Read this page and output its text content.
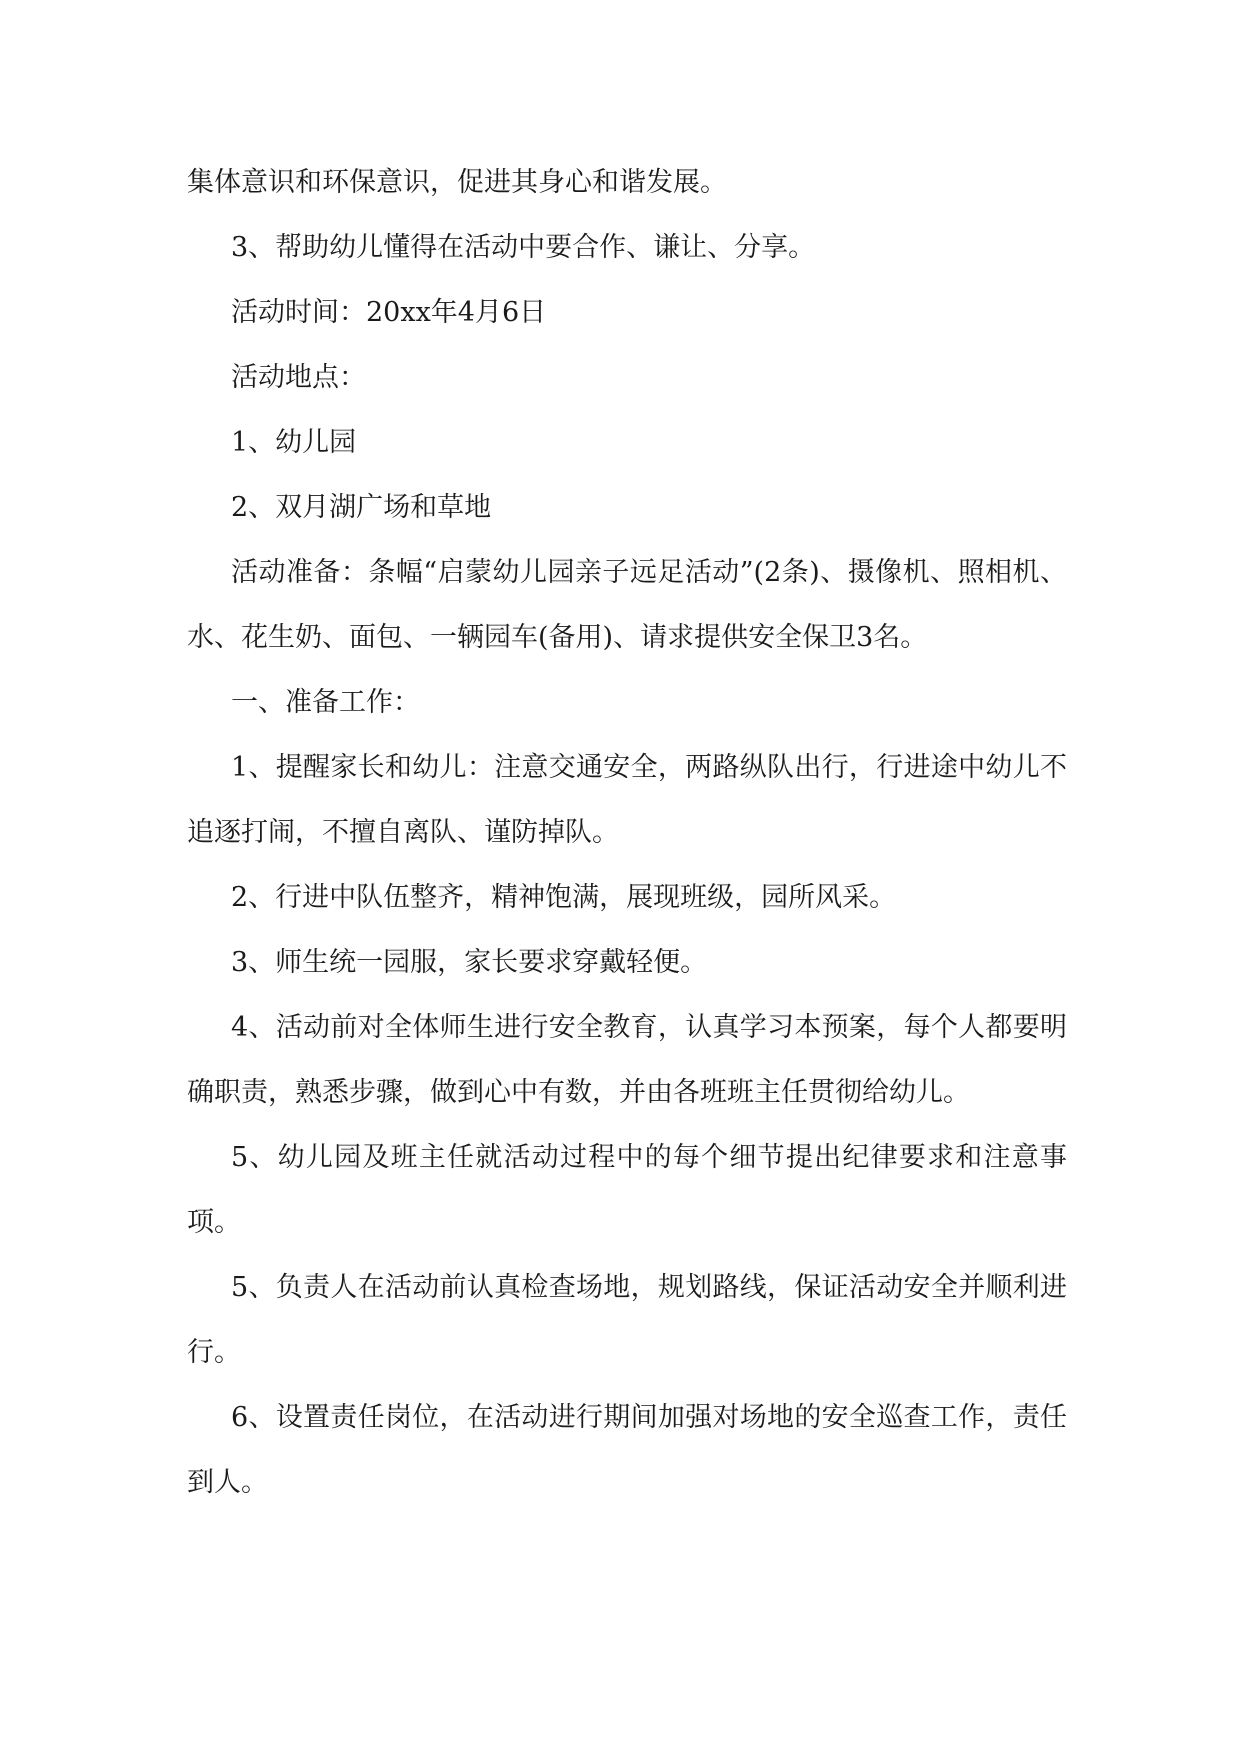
集体意识和环保意识，促进其身心和谐发展。

3、帮助幼儿懂得在活动中要合作、谦让、分享。

活动时间：20xx年4月6日

活动地点：

1、幼儿园

2、双月湖广场和草地

活动准备：条幅“启蒙幼儿园亲子远足活动”(2条)、摄像机、照相机、水、花生奶、面包、一辆园车(备用)、请求提供安全保卫3名。

一、准备工作：

1、提醒家长和幼儿：注意交通安全，两路纵队出行，行进途中幼儿不追逐打闹，不擅自离队、谨防掉队。

2、行进中队伍整齐，精神饱满，展现班级，园所风采。

3、师生统一园服，家长要求穿戴轻便。

4、活动前对全体师生进行安全教育，认真学习本预案，每个人都要明确职责，熟悉步骤，做到心中有数，并由各班班主任贯彻给幼儿。

5、幼儿园及班主任就活动过程中的每个细节提出纪律要求和注意事项。

5、负责人在活动前认真检查场地，规划路线，保证活动安全并顺利进行。

6、设置责任岗位，在活动进行期间加强对场地的安全巡查工作，责任到人。
